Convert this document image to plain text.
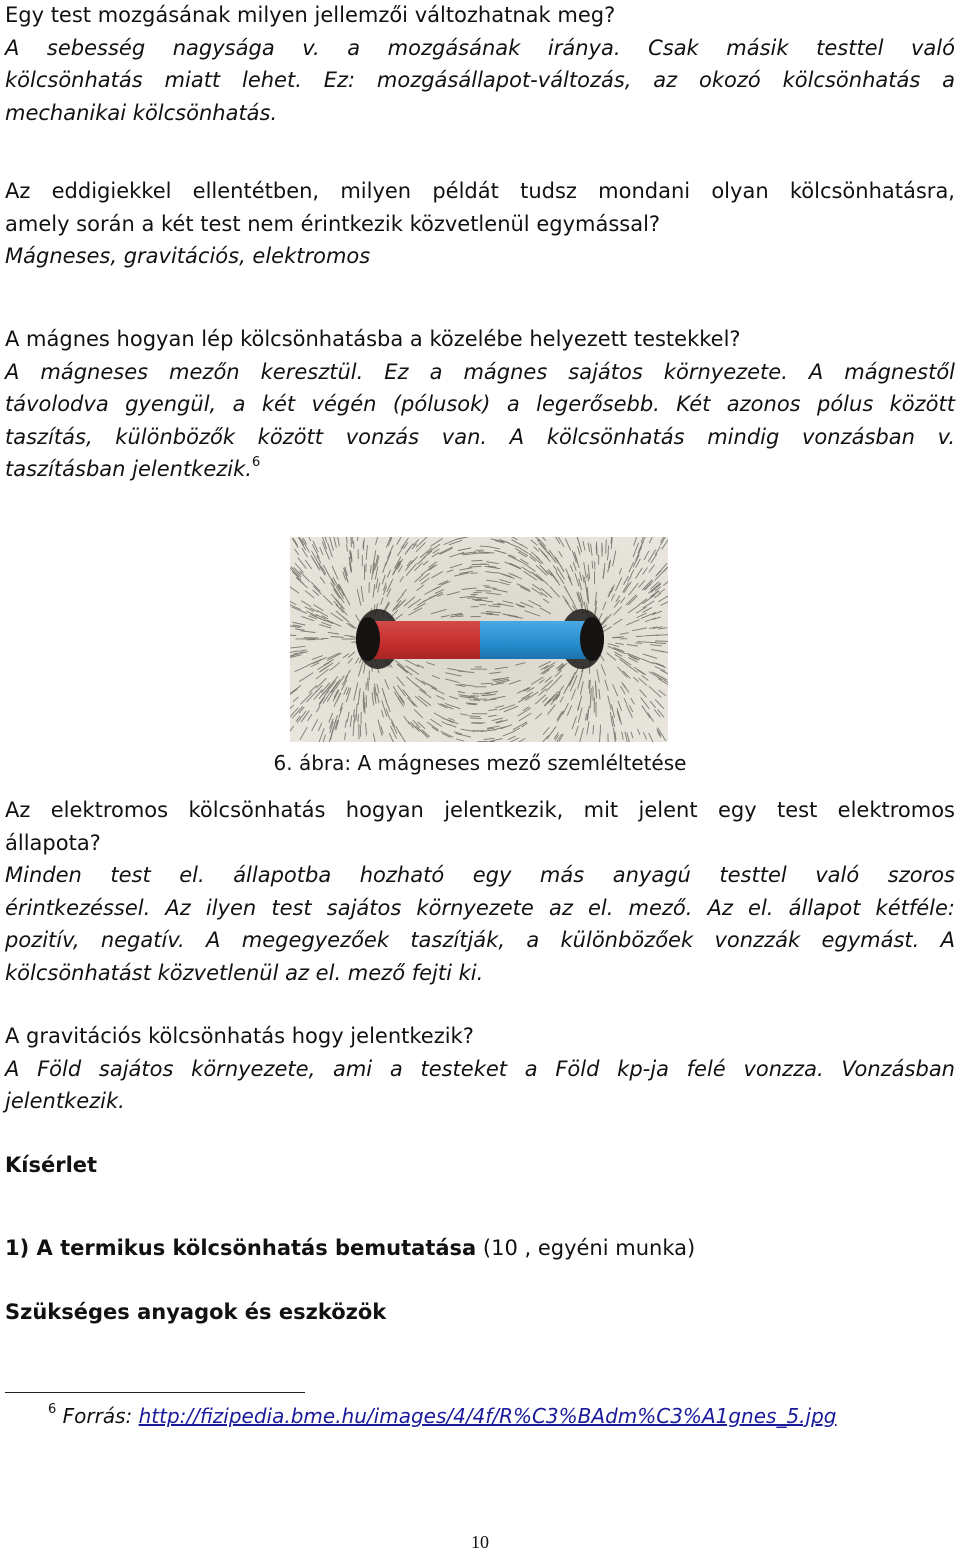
Egy test mozgásának milyen jellemzői változhatnak meg?
A sebesség nagysága v. a mozgásának iránya. Csak másik testtel való
kölcsönhatás miatt lehet. Ez: mozgásállapot-változás, az okozó kölcsönhatás a
mechanikai kölcsönhatás.
Az eddigiekkel ellentétben, milyen példát tudsz mondani olyan kölcsönhatásra,
amely során a két test nem érintkezik közvetlenül egymással?
Mágneses, gravitációs, elektromos
A mágnes hogyan lép kölcsönhatásba a közelébe helyezett testekkel?
A mágneses mezőn keresztül. Ez a mágnes sajátos környezete. A mágnestől
távolodva gyengül, a két végén (pólusok) a legerősebb. Két azonos pólus között
taszítás, különbözők között vonzás van. A kölcsönhatás mindig vonzásban v.
taszításban jelentkezik.$^6$
6. ábra: A mágneses mező szemléltetése
Az elektromos kölcsönhatás hogyan jelentkezik, mit jelent egy test elektromos
állapota?
Minden test el. állapotba hozható egy más anyagú testtel való szoros
érintkezéssel. Az ilyen test sajátos környezete az el. mező. Az el. állapot kétféle:
pozitív, negatív. A megegyezőek taszítják, a különbözőek vonzzák egymást. A
kölcsönhatást közvetlenül az el. mező fejti ki.
A gravitációs kölcsönhatás hogy jelentkezik?
A Föld sajátos környezete, ami a testeket a Föld kp-ja felé vonzza. Vonzásban
jelentkezik.
Kísérlet
1) A termikus kölcsönhatás bemutatása (10 , egyéni munka)
Szükséges anyagok és eszközök
$^6$ Forrás: http://fizipedia.bme.hu/images/4/4f/R%C3%BAdm%C3%A1gnes_5.jpg
10
